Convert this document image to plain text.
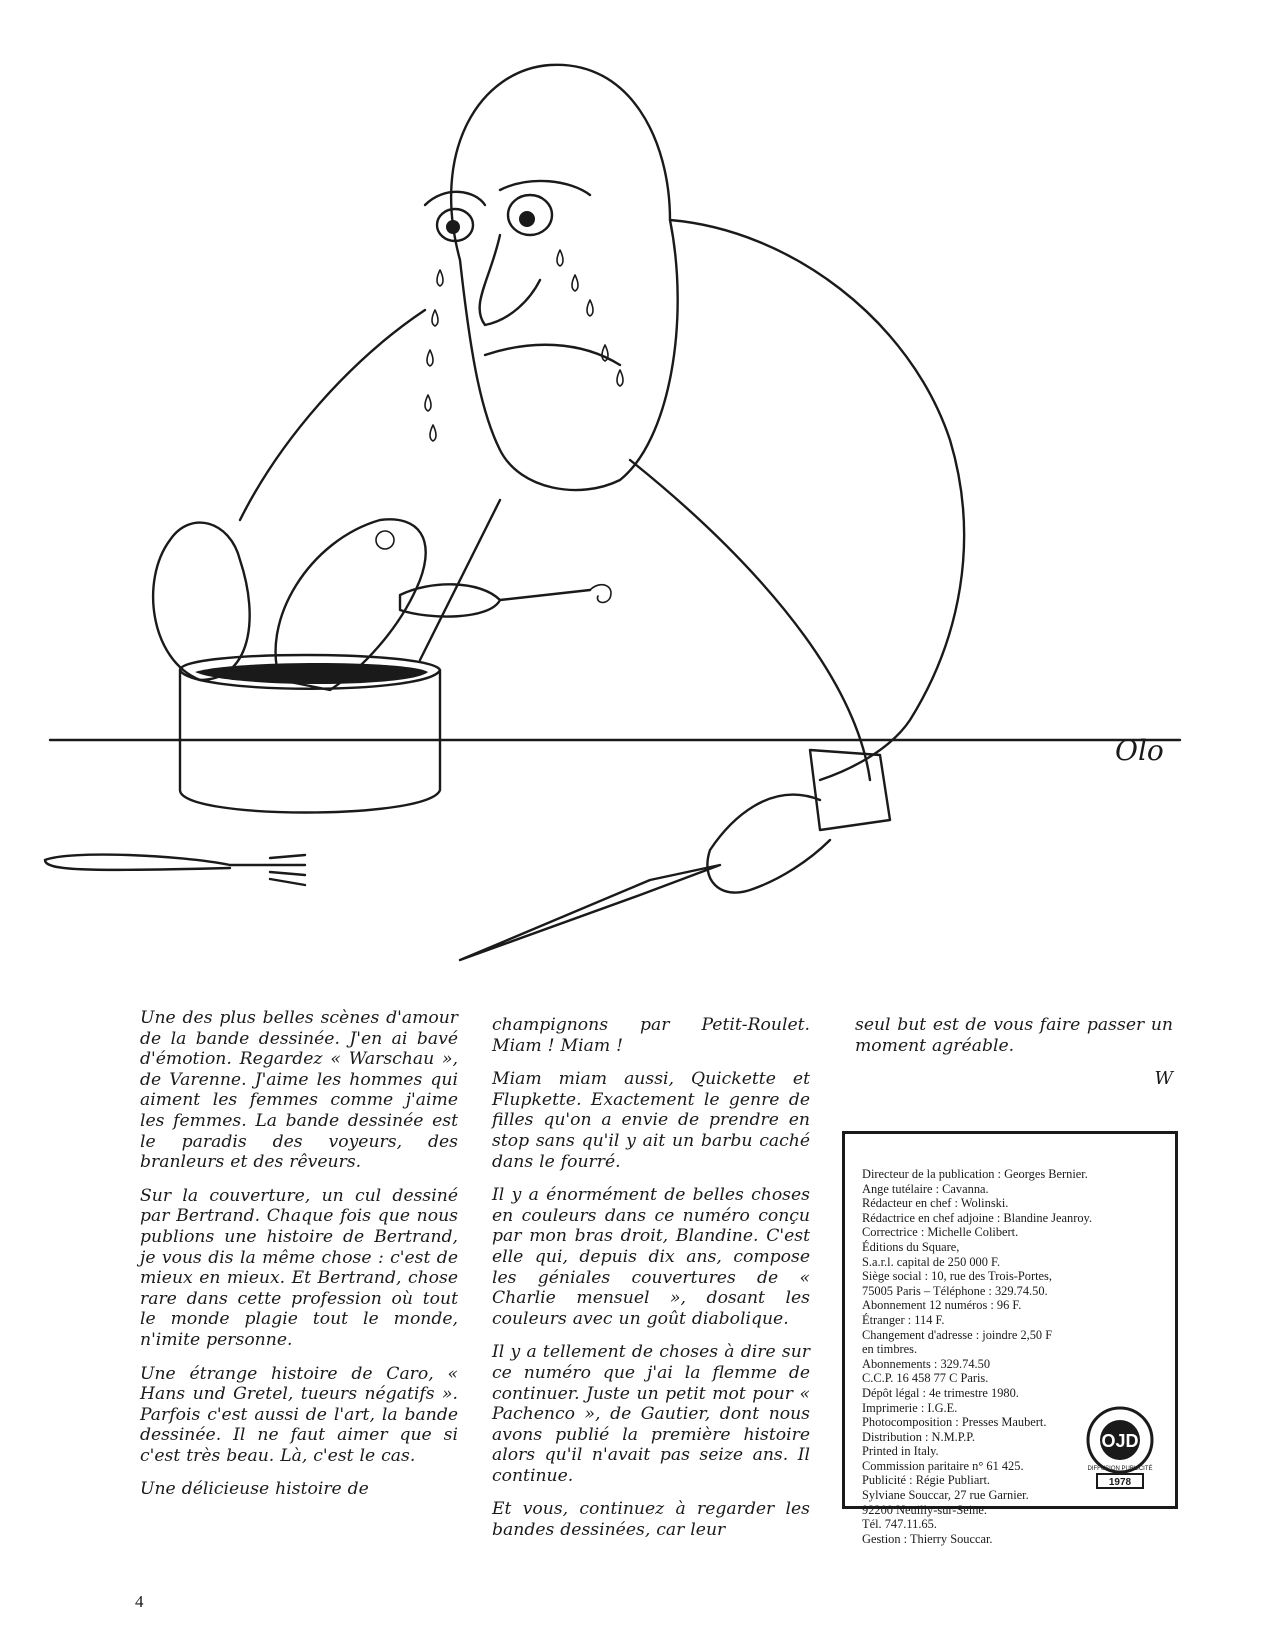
Olo

Une des plus belles scènes d'amour de la bande dessinée. J'en ai bavé d'émotion. Regardez « Warschau », de Varenne. J'aime les hommes qui aiment les femmes comme j'aime les femmes. La bande dessinée est le paradis des voyeurs, des branleurs et des rêveurs.

Sur la couverture, un cul dessiné par Bertrand. Chaque fois que nous publions une histoire de Bertrand, je vous dis la même chose : c'est de mieux en mieux. Et Bertrand, chose rare dans cette profession où tout le monde plagie tout le monde, n'imite personne.

Une étrange histoire de Caro, « Hans und Gretel, tueurs négatifs ». Parfois c'est aussi de l'art, la bande dessinée. Il ne faut aimer que si c'est très beau. Là, c'est le cas.

Une délicieuse histoire de

champignons par Petit-Roulet. Miam ! Miam !

Miam miam aussi, Quickette et Flupkette. Exactement le genre de filles qu'on a envie de prendre en stop sans qu'il y ait un barbu caché dans le fourré.

Il y a énormément de belles choses en couleurs dans ce numéro conçu par mon bras droit, Blandine. C'est elle qui, depuis dix ans, compose les géniales couvertures de « Charlie mensuel », dosant les couleurs avec un goût diabolique.

Il y a tellement de choses à dire sur ce numéro que j'ai la flemme de continuer. Juste un petit mot pour « Pachenco », de Gautier, dont nous avons publié la première histoire alors qu'il n'avait pas seize ans. Il continue.

Et vous, continuez à regarder les bandes dessinées, car leur

seul but est de vous faire passer un moment agréable.

W
Directeur de la publication : Georges Bernier.
Ange tutélaire : Cavanna.
Rédacteur en chef : Wolinski.
Rédactrice en chef adjoine : Blandine Jeanroy.
Correctrice : Michelle Colibert.
Éditions du Square,
S.a.r.l. capital de 250 000 F.
Siège social : 10, rue des Trois-Portes,
75005 Paris – Téléphone : 329.74.50.
Abonnement 12 numéros : 96 F.
Étranger : 114 F.
Changement d'adresse : joindre 2,50 F
en timbres.
Abonnements : 329.74.50
C.C.P. 16 458 77 C Paris.
Dépôt légal : 4e trimestre 1980.
Imprimerie : I.G.E.
Photocomposition : Presses Maubert.
Distribution : N.M.P.P.
Printed in Italy.
Commission paritaire n° 61 425.
Publicité : Régie Publiart.
Sylviane Souccar, 27 rue Garnier.
92200 Neuilly-sur-Seine.
Tél. 747.11.65.
Gestion : Thierry Souccar.
OJD
DIFFUSION PUBLICITÉ
1978
4
